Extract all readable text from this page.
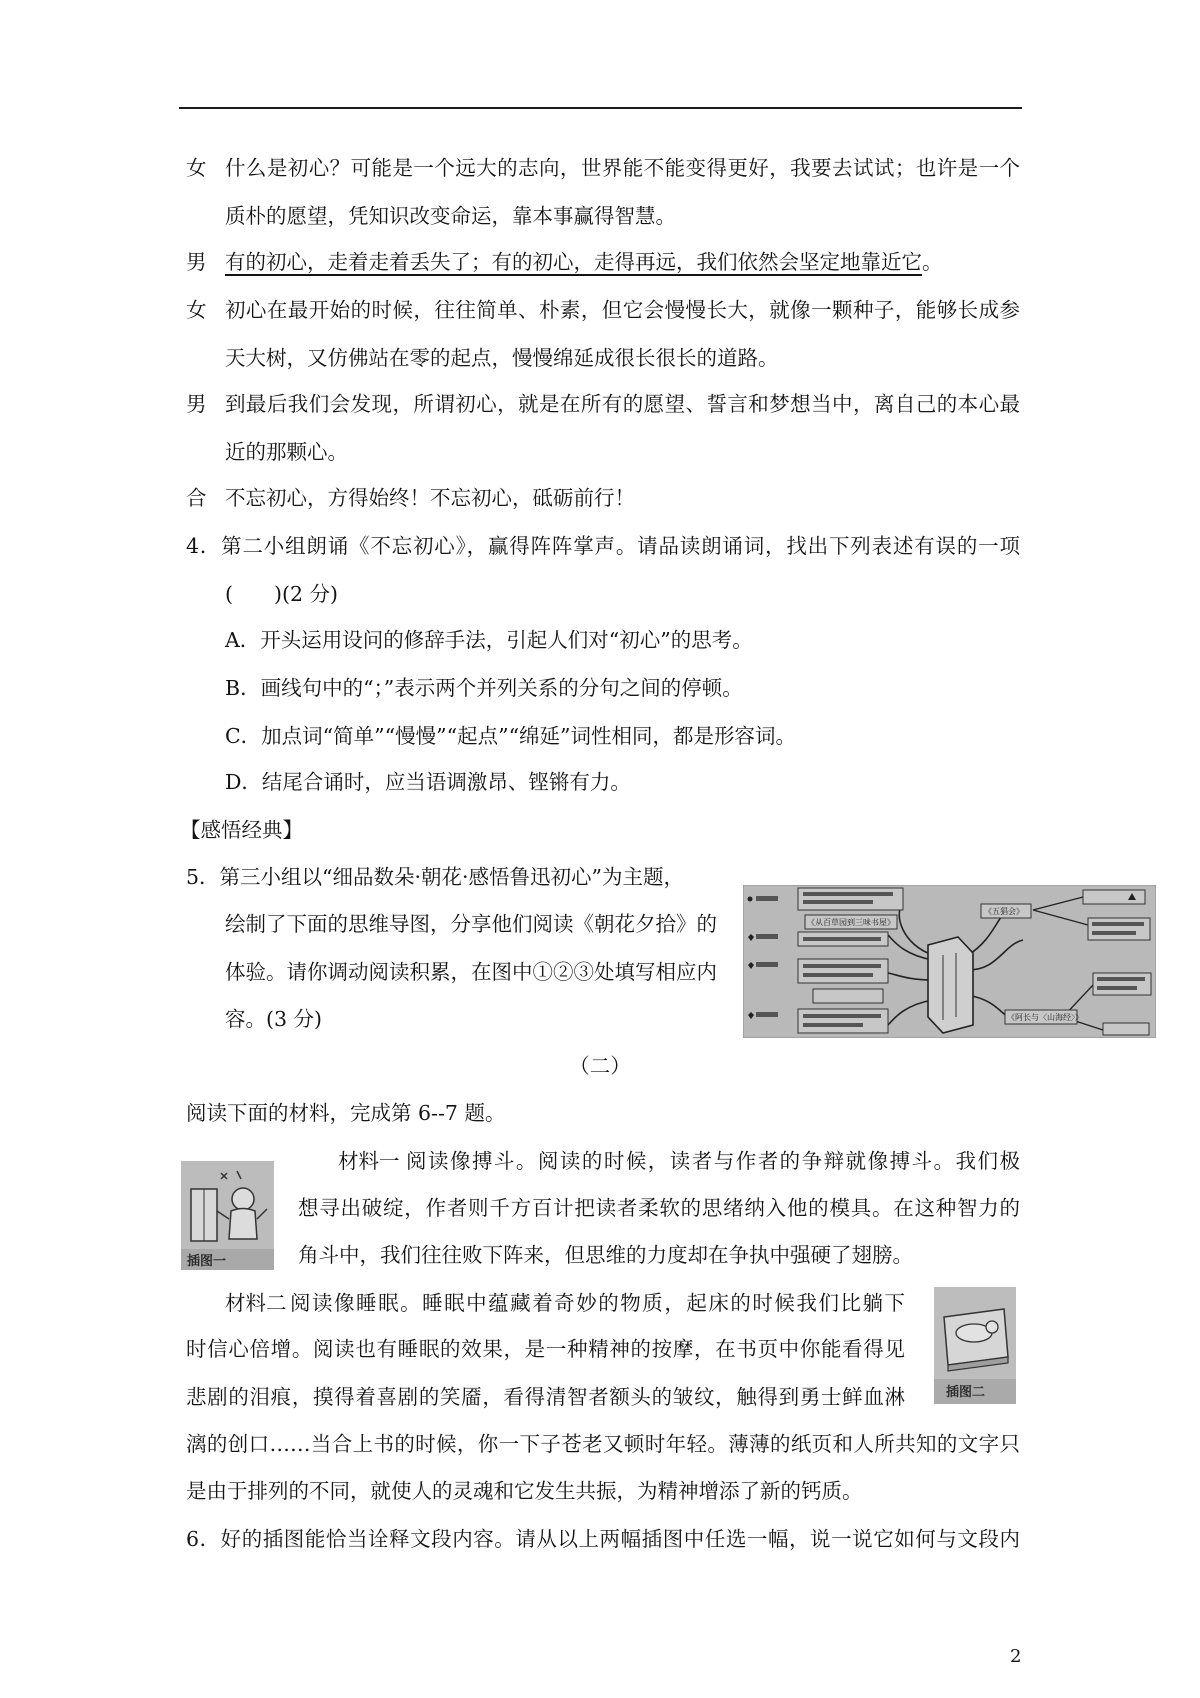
女 什么是初心？可能是一个远大的志向，世界能不能变得更好，我要去试试；也许是一个
质朴的愿望，凭知识改变命运，靠本事赢得智慧。
男 有的初心，走着走着丢失了；有的初心，走得再远，我们依然会坚定地靠近它。
女 初心在最开始的时候，往往简单、朴素，但它会慢慢长大，就像一颗种子，能够长成参
天大树，又仿佛站在零的起点，慢慢绵延成很长很长的道路。
男 到最后我们会发现，所谓初心，就是在所有的愿望、誓言和梦想当中，离自己的本心最
近的那颗心。
合 不忘初心，方得始终！不忘初心，砥砺前行！
4．第二小组朗诵《不忘初心》，赢得阵阵掌声。请品读朗诵词，找出下列表述有误的一项
(　　)(2 分)
A．开头运用设问的修辞手法，引起人们对“初心”的思考。
B．画线句中的“；”表示两个并列关系的分句之间的停顿。
C．加点词“简单”“慢慢”“起点”“绵延”词性相同，都是形容词。
D．结尾合诵时，应当语调激昂、铿锵有力。
【感悟经典】
5．第三小组以“细品数朵·朝花·感悟鲁迅初心”为主题，
绘制了下面的思维导图，分享他们阅读《朝花夕拾》的
体验。请你调动阅读积累，在图中①②③处填写相应内
容。(3 分)
《从百草园到三味书屋》
《五猖会》
《阿长与〈山海经〉》
（二）
阅读下面的材料，完成第 6--7 题。
插图一
材料一 阅读像搏斗。阅读的时候，读者与作者的争辩就像搏斗。我们极
想寻出破绽，作者则千方百计把读者柔软的思绪纳入他的模具。在这种智力的
角斗中，我们往往败下阵来，但思维的力度却在争执中强硬了翅膀。
材料二 阅读像睡眠。睡眠中蕴藏着奇妙的物质，起床的时候我们比躺下
时信心倍增。阅读也有睡眠的效果，是一种精神的按摩，在书页中你能看得见
悲剧的泪痕，摸得着喜剧的笑靥，看得清智者额头的皱纹，触得到勇士鲜血淋
漓的创口……当合上书的时候，你一下子苍老又顿时年轻。薄薄的纸页和人所共知的文字只
是由于排列的不同，就使人的灵魂和它发生共振，为精神增添了新的钙质。
插图二
6．好的插图能恰当诠释文段内容。请从以上两幅插图中任选一幅，说一说它如何与文段内
2
